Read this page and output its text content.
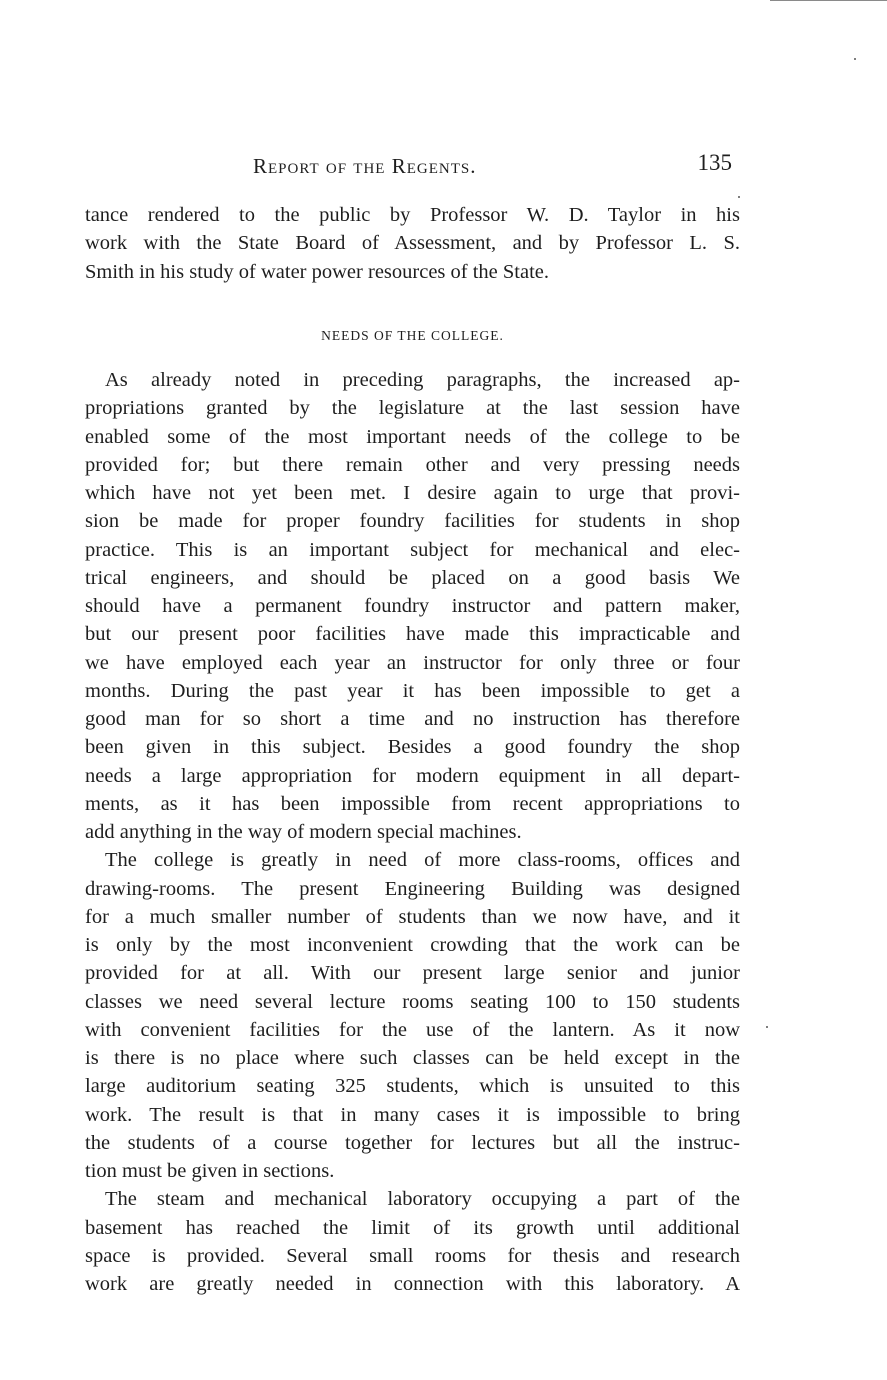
Report of the Regents.	135
tance rendered to the public by Professor W. D. Taylor in his
work with the State Board of Assessment, and by Professor L. S.
Smith in his study of water power resources of the State.
NEEDS OF THE COLLEGE.
As already noted in preceding paragraphs, the increased ap-
propriations granted by the legislature at the last session have
enabled some of the most important needs of the college to be
provided for; but there remain other and very pressing needs
which have not yet been met. I desire again to urge that provi-
sion be made for proper foundry facilities for students in shop
practice. This is an important subject for mechanical and elec-
trical engineers, and should be placed on a good basis We
should have a permanent foundry instructor and pattern maker,
but our present poor facilities have made this impracticable and
we have employed each year an instructor for only three or four
months. During the past year it has been impossible to get a
good man for so short a time and no instruction has therefore
been given in this subject. Besides a good foundry the shop
needs a large appropriation for modern equipment in all depart-
ments, as it has been impossible from recent appropriations to
add anything in the way of modern special machines.
The college is greatly in need of more class-rooms, offices and
drawing-rooms. The present Engineering Building was designed
for a much smaller number of students than we now have, and it
is only by the most inconvenient crowding that the work can be
provided for at all. With our present large senior and junior
classes we need several lecture rooms seating 100 to 150 students
with convenient facilities for the use of the lantern. As it now
is there is no place where such classes can be held except in the
large auditorium seating 325 students, which is unsuited to this
work. The result is that in many cases it is impossible to bring
the students of a course together for lectures but all the instruc-
tion must be given in sections.
The steam and mechanical laboratory occupying a part of the
basement has reached the limit of its growth until additional
space is provided. Several small rooms for thesis and research
work are greatly needed in connection with this laboratory. A
